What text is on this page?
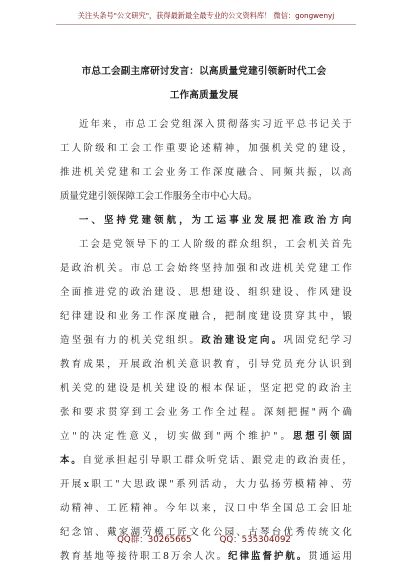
关注头条号"公文研究"，获得最新最全最专业的公文资料库！ 微信：gongwenyj
市总工会副主席研讨发言：以高质量党建引领新时代工会
工作高质量发展
近 年 来 ， 市 总 工 会 党 组 深 入 贯 彻 落 实 习 近 平 总 书 记 关 于
工 人 阶 级 和 工 会 工 作 重 要 论 述 精 神 ， 加 强 机 关 党 的 建 设 ，
推 进 机 关 党 建 和 工 会 业 务 工 作 深 度 融 合 、 同 频 共 振 ， 以 高
质 量 党 建 引 领 保 障 工 会 工 作 服 务 全 市 中 心 大 局 。
一 、 坚 持 党 建 领 航 ， 为 工 运 事 业 发 展 把 准 政 治 方 向
工 会 是 党 领 导 下 的 工 人 阶 级 的 群 众 组 织 ， 工 会 机 关 首 先
是 政 治 机 关 。 市 总 工 会 始 终 坚 持 加 强 和 改 进 机 关 党 建 工 作
全 面 推 进 党 的 政 治 建 设 、 思 想 建 设 、 组 织 建 设 、 作 风 建 设
纪 律 建 设 和 业 务 工 作 深 度 融 合 ， 把 制 度 建 设 贯 穿 其 中 ， 锻
造 坚 强 有 力 的 机 关 党 组 织 。 政 治 建 设 定 向 。 巩 固 党 纪 学 习
教 育 成 果 ， 开 展 政 治 机 关 意 识 教 育 ， 引 导 党 员 充 分 认 识 到
机 关 党 的 建 设 是 机 关 建 设 的 根 本 保 证 ， 坚 定 把 党 的 政 治 主
张 和 要 求 贯 穿 到 工 会 业 务 工 作 全 过 程 。 深 刻 把 握 " 两 个 确
立 " 的 决 定 性 意 义 ， 切 实 做 到 " 两 个 维 护 " 。 思 想 引 领 固
本 。 自 觉 承 担 起 引 导 职 工 群 众 听 党 话 、 跟 党 走 的 政 治 责 任 ，
开 展 x 职 工 " 大 思 政 课 " 系 列 活 动 ， 大 力 弘 扬 劳 模 精 神 、 劳
动 精 神 、 工 匠 精 神 。 今 年 以 来 ， 汉 口 中 华 全 国 总 工 会 旧 址
纪 念 馆 、 戴 家 湖 劳 模 工 匠 文 化 公 园 、 古 琴 台 优 秀 传 统 文 化
教 育 基 地 等 接 待 职 工 8 万 余 人 次 。 纪 律 监 督 护 航 。 贯 通 运 用
QQ群：30265665	QQ：535304092
